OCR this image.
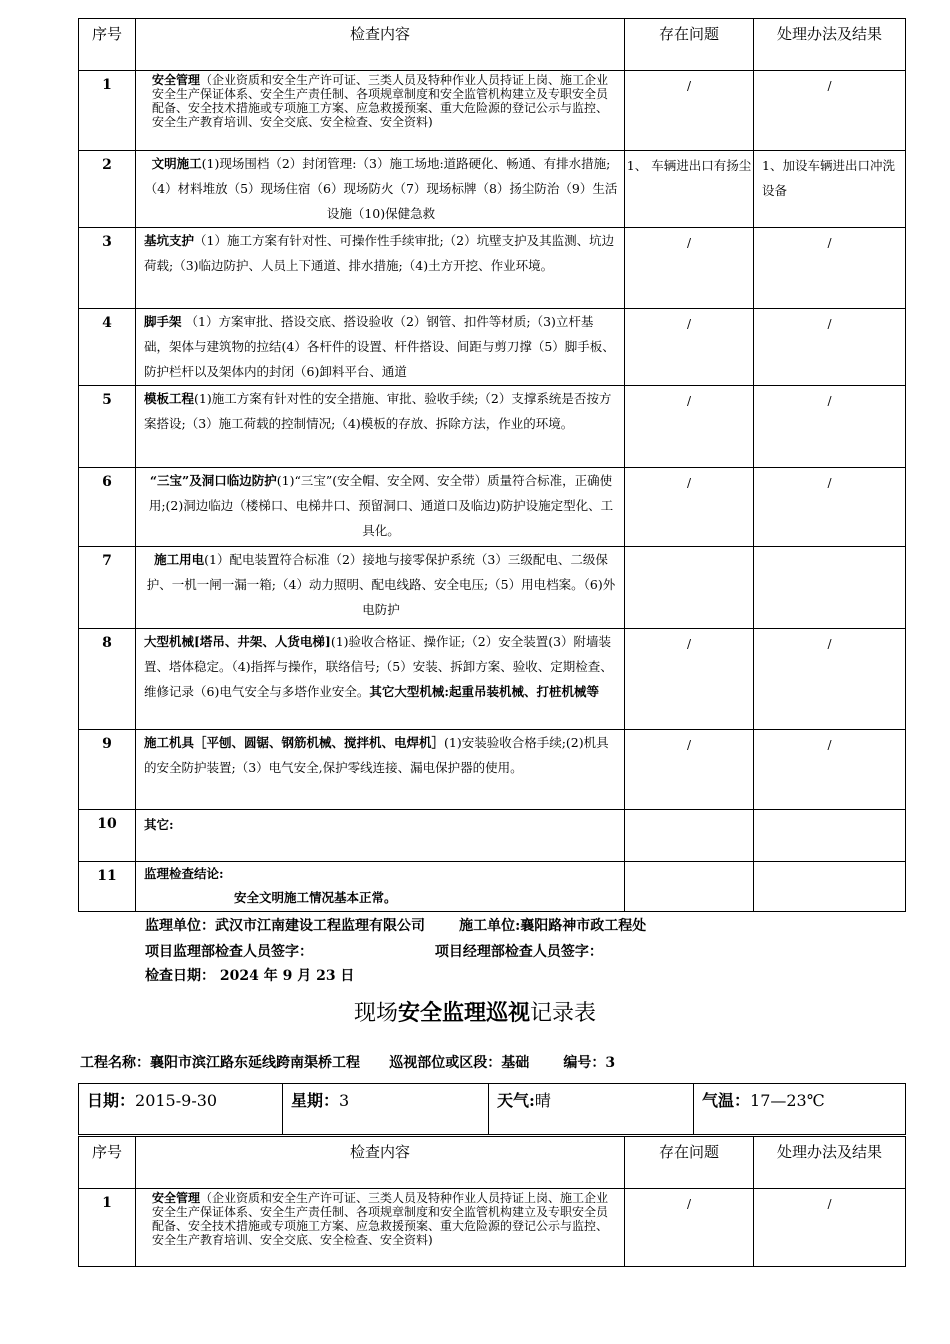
序号	检查内容	存在问题	处理办法及结果
1	安全管理（企业资质和安全生产许可证、三类人员及特种作业人员持证上岗、施工企业安全生产保证体系、安全生产责任制、各项规章制度和安全监管机构建立及专职安全员配备、安全技术措施或专项施工方案、应急救援预案、重大危险源的登记公示与监控、安全生产教育培训、安全交底、安全检查、安全资料)	/	/
2	文明施工(1)现场围档（2）封闭管理:（3）施工场地:道路硬化、畅通、有排水措施;（4）材料堆放（5）现场住宿（6）现场防火（7）现场标牌（8）扬尘防治（9）生活设施（10)保健急救	1、 车辆进出口有扬尘	1、加设车辆进出口冲洗设备
3	基坑支护（1）施工方案有针对性、可操作性手续审批;（2）坑壁支护及其监测、坑边荷载;（3)临边防护、人员上下通道、排水措施;（4)土方开挖、作业环境。	/	/
4	脚手架 （1）方案审批、搭设交底、搭设验收（2）钢管、扣件等材质;（3)立杆基础，架体与建筑物的拉结(4）各杆件的设置、杆件搭设、间距与剪刀撑（5）脚手板、防护栏杆以及架体内的封闭（6)卸料平台、通道	/	/
5	模板工程(1)施工方案有针对性的安全措施、审批、验收手续;（2）支撑系统是否按方案搭设;（3）施工荷载的控制情况;（4)模板的存放、拆除方法，作业的环境。	/	/
6	“三宝”及洞口临边防护(1)“三宝”(安全帽、安全网、安全带）质量符合标准，正确使用;(2)洞边临边（楼梯口、电梯井口、预留洞口、通道口及临边)防护设施定型化、工具化。	/	/
7	施工用电(1）配电装置符合标准（2）接地与接零保护系统（3）三级配电、二级保护、一机一闸一漏一箱;（4）动力照明、配电线路、安全电压;（5）用电档案。（6)外电防护		
8	大型机械[塔吊、井架、人货电梯](1)验收合格证、操作证;（2）安全装置(3）附墙装置、塔体稳定。（4)指挥与操作，联络信号;（5）安装、拆卸方案、验收、定期检查、维修记录（6)电气安全与多塔作业安全。其它大型机械:起重吊装机械、打桩机械等	/	/
9	施工机具［平刨、圆锯、钢筋机械、搅拌机、电焊机］(1)安装验收合格手续;(2)机具的安全防护装置;（3）电气安全,保护零线连接、漏电保护器的使用。	/	/
10	其它:		
11	监理检查结论:
安全文明施工情况基本正常。		

监理单位：武汉市江南建设工程监理有限公司       施工单位:襄阳路神市政工程处
项目监理部检查人员签字：                         项目经理部检查人员签字：
检查日期： 2024 年 9 月 23 日
现场安全监理巡视记录表
工程名称：襄阳市滨江路东延线跨南渠桥工程      巡视部位或区段：基础       编号：3
日期：2015-9-30	星期：3	天气:晴	气温：17—23℃
序号	检查内容	存在问题	处理办法及结果
1	安全管理（企业资质和安全生产许可证、三类人员及特种作业人员持证上岗、施工企业安全生产保证体系、安全生产责任制、各项规章制度和安全监管机构建立及专职安全员配备、安全技术措施或专项施工方案、应急救援预案、重大危险源的登记公示与监控、安全生产教育培训、安全交底、安全检查、安全资料)	/	/
